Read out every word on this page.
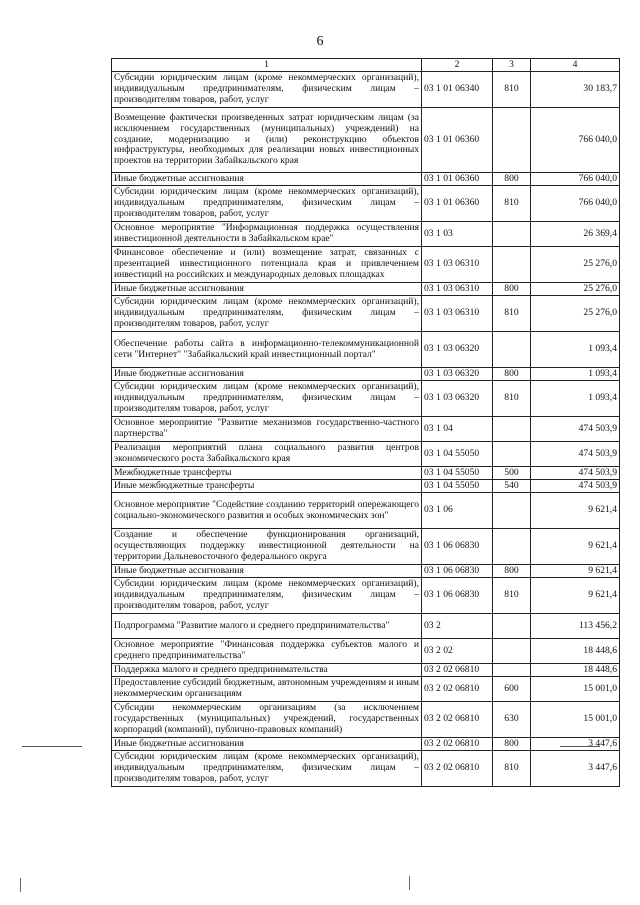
6
1	2	3	4
Субсидии юридическим лицам (кроме некоммерческих организаций), индивидуальным предпринимателям, физическим лицам – производителям товаров, работ, услуг	03 1 01 06340	810	30 183,7
Возмещение фактически произведенных затрат юридическим лицам (за исключением государственных (муниципальных) учреждений) на создание, модернизацию и (или) реконструкцию объектов инфраструктуры, необходимых для реализации новых инвестиционных проектов на территории Забайкальского края	03 1 01 06360		766 040,0
Иные бюджетные ассигнования	03 1 01 06360	800	766 040,0
Субсидии юридическим лицам (кроме некоммерческих организаций), индивидуальным предпринимателям, физическим лицам – производителям товаров, работ, услуг	03 1 01 06360	810	766 040,0
Основное мероприятие "Информационная поддержка осуществления инвестиционной деятельности в Забайкальском крае"	03 1 03		26 369,4
Финансовое обеспечение и (или) возмещение затрат, связанных с презентацией инвестиционного потенциала края и привлечением инвестиций на российских и международных деловых площадках	03 1 03 06310		25 276,0
Иные бюджетные ассигнования	03 1 03 06310	800	25 276,0
Субсидии юридическим лицам (кроме некоммерческих организаций), индивидуальным предпринимателям, физическим лицам – производителям товаров, работ, услуг	03 1 03 06310	810	25 276,0
Обеспечение работы сайта в информационно-телекоммуникационной сети "Интернет" "Забайкальский край инвестиционный портал"	03 1 03 06320		1 093,4
Иные бюджетные ассигнования	03 1 03 06320	800	1 093,4
Субсидии юридическим лицам (кроме некоммерческих организаций), индивидуальным предпринимателям, физическим лицам – производителям товаров, работ, услуг	03 1 03 06320	810	1 093,4
Основное мероприятие "Развитие механизмов государственно-частного партнерства"	03 1 04		474 503,9
Реализация мероприятий плана социального развития центров экономического роста Забайкальского края	03 1 04 55050		474 503,9
Межбюджетные трансферты	03 1 04 55050	500	474 503,9
Иные межбюджетные трансферты	03 1 04 55050	540	474 503,9
Основное мероприятие "Содействие созданию территорий опережающего социально-экономического развития и особых экономических зон"	03 1 06		9 621,4
Создание и обеспечение функционирования организаций, осуществляющих поддержку инвестиционной деятельности на территории Дальневосточного федерального округа	03 1 06 06830		9 621,4
Иные бюджетные ассигнования	03 1 06 06830	800	9 621,4
Субсидии юридическим лицам (кроме некоммерческих организаций), индивидуальным предпринимателям, физическим лицам – производителям товаров, работ, услуг	03 1 06 06830	810	9 621,4
Подпрограмма "Развитие малого и среднего предпринимательства"	03 2		113 456,2
Основное мероприятие "Финансовая поддержка субъектов малого и среднего предпринимательства"	03 2 02		18 448,6
Поддержка малого и среднего предпринимательства	03 2 02 06810		18 448,6
Предоставление субсидий бюджетным, автономным учреждениям и иным некоммерческим организациям	03 2 02 06810	600	15 001,0
Субсидии некоммерческим организациям (за исключением государственных (муниципальных) учреждений, государственных корпораций (компаний), публично-правовых компаний)	03 2 02 06810	630	15 001,0
Иные бюджетные ассигнования	03 2 02 06810	800	3 447,6
Субсидии юридическим лицам (кроме некоммерческих организаций), индивидуальным предпринимателям, физическим лицам – производителям товаров, работ, услуг	03 2 02 06810	810	3 447,6
